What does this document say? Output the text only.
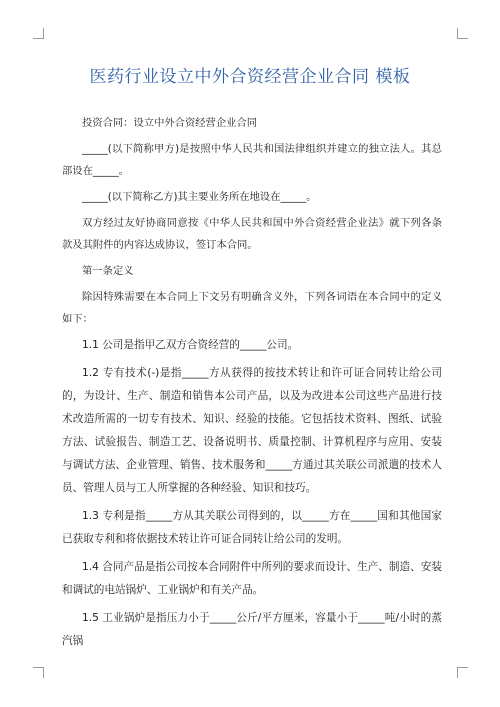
医药行业设立中外合资经营企业合同 模板

投资合同：设立中外合资经营企业合同

_____(以下简称甲方)是按照中华人民共和国法律组织并建立的独立法人。其总部设在_____。

_____(以下简称乙方)其主要业务所在地设在_____。

双方经过友好协商同意按《中华人民共和国中外合资经营企业法》就下列各条款及其附件的内容达成协议，签订本合同。

第一条定义

除因特殊需要在本合同上下文另有明确含义外，下列各词语在本合同中的定义如下：

1.1 公司是指甲乙双方合资经营的_____公司。

1.2 专有技术(-)是指_____方从获得的按技术转让和许可证合同转让给公司的，为设计、生产、制造和销售本公司产品，以及为改进本公司这些产品进行技术改造所需的一切专有技术、知识、经验的技能。它包括技术资料、图纸、试验方法、试验报告、制造工艺、设备说明书、质量控制、计算机程序与应用、安装与调试方法、企业管理、销售、技术服务和_____方通过其关联公司派遣的技术人员、管理人员与工人所掌握的各种经验、知识和技巧。

1.3 专利是指_____方从其关联公司得到的，以_____方在_____国和其他国家已获取专利和将依据技术转让许可证合同转让给公司的发明。

1.4 合同产品是指公司按本合同附件中所列的要求而设计、生产、制造、安装和调试的电站锅炉、工业锅炉和有关产品。

1.5 工业锅炉是指压力小于_____公斤/平方厘米，容量小于_____吨/小时的蒸汽锅
